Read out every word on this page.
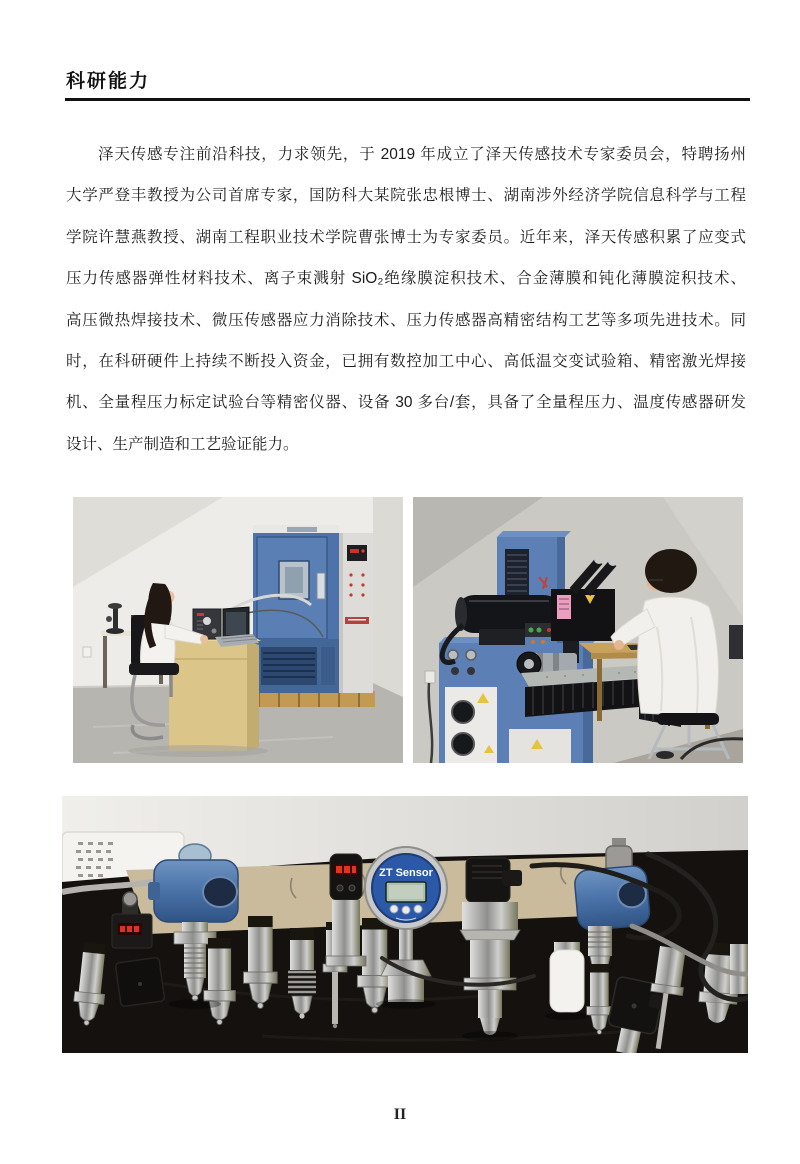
科研能力
泽天传感专注前沿科技，力求领先，于 2019 年成立了泽天传感技术专家委员会，特聘扬州
大学严登丰教授为公司首席专家，国防科大某院张忠根博士、湖南涉外经济学院信息科学与工程
学院许慧燕教授、湖南工程职业技术学院曹张博士为专家委员。近年来，泽天传感积累了应变式
压力传感器弹性材料技术、离子束溅射 SiO₂绝缘膜淀积技术、合金薄膜和钝化薄膜淀积技术、
高压微热焊接技术、微压传感器应力消除技术、压力传感器高精密结构工艺等多项先进技术。同
时，在科研硬件上持续不断投入资金，已拥有数控加工中心、高低温交变试验箱、精密激光焊接
机、全量程压力标定试验台等精密仪器、设备 30 多台/套，具备了全量程压力、温度传感器研发
设计、生产制造和工艺验证能力。
ZT Sensor
II
